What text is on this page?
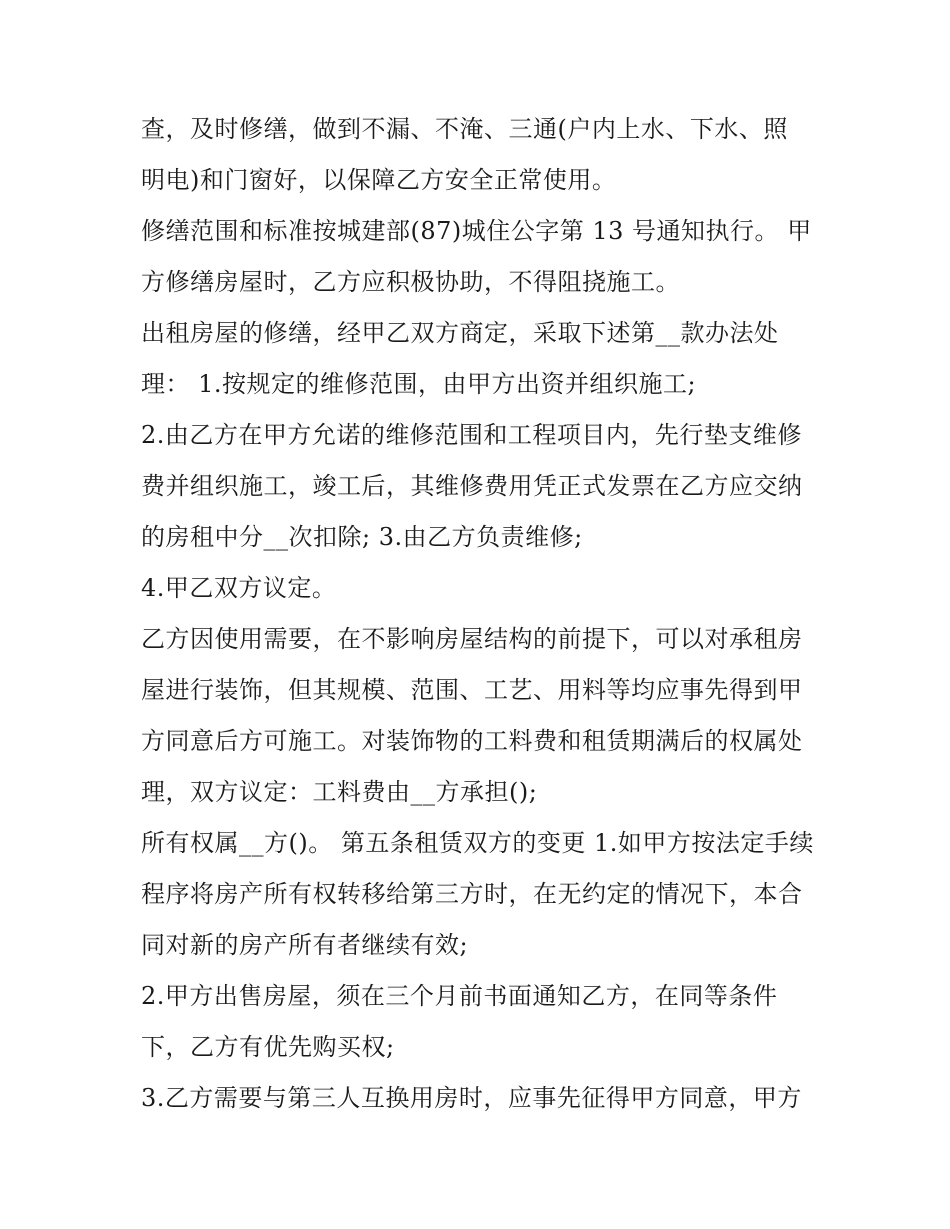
查，及时修缮，做到不漏、不淹、三通(户内上水、下水、照
明电)和门窗好，以保障乙方安全正常使用。
修缮范围和标准按城建部(87)城住公字第 13 号通知执行。 甲
方修缮房屋时，乙方应积极协助，不得阻挠施工。
出租房屋的修缮，经甲乙双方商定，采取下述第__款办法处
理： 1.按规定的维修范围，由甲方出资并组织施工;
2.由乙方在甲方允诺的维修范围和工程项目内，先行垫支维修
费并组织施工，竣工后，其维修费用凭正式发票在乙方应交纳
的房租中分__次扣除; 3.由乙方负责维修;
4.甲乙双方议定。
乙方因使用需要，在不影响房屋结构的前提下，可以对承租房
屋进行装饰，但其规模、范围、工艺、用料等均应事先得到甲
方同意后方可施工。对装饰物的工料费和租赁期满后的权属处
理，双方议定：工料费由__方承担();
所有权属__方()。 第五条租赁双方的变更 1.如甲方按法定手续
程序将房产所有权转移给第三方时，在无约定的情况下，本合
同对新的房产所有者继续有效;
2.甲方出售房屋，须在三个月前书面通知乙方，在同等条件
下，乙方有优先购买权;
3.乙方需要与第三人互换用房时，应事先征得甲方同意，甲方
